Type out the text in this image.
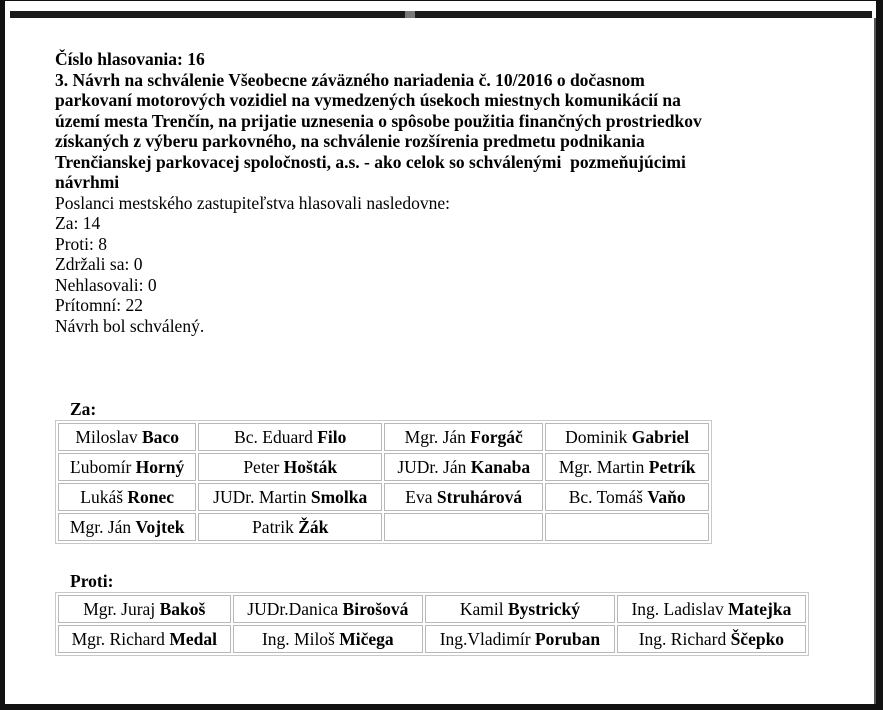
Číslo hlasovania: 16
3. Návrh na schválenie Všeobecne záväzného nariadenia č. 10/2016 o dočasnom
parkovaní motorových vozidiel na vymedzených úsekoch miestnych komunikácií na
území mesta Trenčín, na prijatie uznesenia o spôsobe použitia finančných prostriedkov
získaných z výberu parkovného, na schválenie rozšírenia predmetu podnikania
Trenčianskej parkovacej spoločnosti, a.s. - ako celok so schválenými  pozmeňujúcimi
návrhmi
Poslanci mestského zastupiteľstva hlasovali nasledovne:
Za: 14
Proti: 8
Zdržali sa: 0
Nehlasovali: 0
Prítomní: 22
Návrh bol schválený.
Za:
Miloslav Baco	Bc. Eduard Filo	Mgr. Ján Forgáč	Dominik Gabriel
Ľubomír Horný	Peter Hošták	JUDr. Ján Kanaba	Mgr. Martin Petrík
Lukáš Ronec	JUDr. Martin Smolka	Eva Struhárová	Bc. Tomáš Vaňo
Mgr. Ján Vojtek	Patrik Žák		
Proti:
Mgr. Juraj Bakoš	JUDr.Danica Birošová	Kamil Bystrický	Ing. Ladislav Matejka
Mgr. Richard Medal	Ing. Miloš Mičega	Ing.Vladimír Poruban	Ing. Richard Ščepko
